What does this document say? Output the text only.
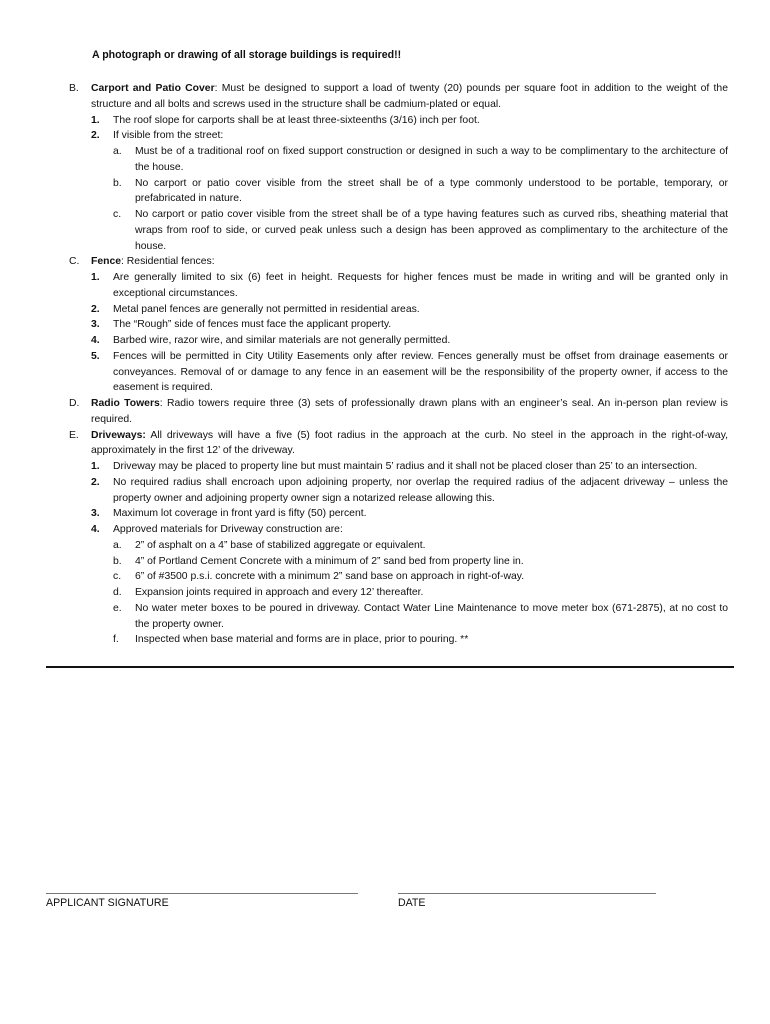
A photograph or drawing of all storage buildings is required!!
B. Carport and Patio Cover: Must be designed to support a load of twenty (20) pounds per square foot in addition to the weight of the structure and all bolts and screws used in the structure shall be cadmium-plated or equal.
1. The roof slope for carports shall be at least three-sixteenths (3/16) inch per foot.
2. If visible from the street:
a. Must be of a traditional roof on fixed support construction or designed in such a way to be complimentary to the architecture of the house.
b. No carport or patio cover visible from the street shall be of a type commonly understood to be portable, temporary, or prefabricated in nature.
c. No carport or patio cover visible from the street shall be of a type having features such as curved ribs, sheathing material that wraps from roof to side, or curved peak unless such a design has been approved as complimentary to the architecture of the house.
C. Fence: Residential fences:
1. Are generally limited to six (6) feet in height. Requests for higher fences must be made in writing and will be granted only in exceptional circumstances.
2. Metal panel fences are generally not permitted in residential areas.
3. The “Rough” side of fences must face the applicant property.
4. Barbed wire, razor wire, and similar materials are not generally permitted.
5. Fences will be permitted in City Utility Easements only after review. Fences generally must be offset from drainage easements or conveyances. Removal of or damage to any fence in an easement will be the responsibility of the property owner, if access to the easement is required.
D. Radio Towers: Radio towers require three (3) sets of professionally drawn plans with an engineer’s seal. An in-person plan review is required.
E. Driveways: All driveways will have a five (5) foot radius in the approach at the curb. No steel in the approach in the right-of-way, approximately in the first 12’ of the driveway.
1. Driveway may be placed to property line but must maintain 5’ radius and it shall not be placed closer than 25’ to an intersection.
2. No required radius shall encroach upon adjoining property, nor overlap the required radius of the adjacent driveway – unless the property owner and adjoining property owner sign a notarized release allowing this.
3. Maximum lot coverage in front yard is fifty (50) percent.
4. Approved materials for Driveway construction are:
a. 2” of asphalt on a 4” base of stabilized aggregate or equivalent.
b. 4” of Portland Cement Concrete with a minimum of 2” sand bed from property line in.
c. 6” of #3500 p.s.i. concrete with a minimum 2” sand base on approach in right-of-way.
d. Expansion joints required in approach and every 12’ thereafter.
e. No water meter boxes to be poured in driveway. Contact Water Line Maintenance to move meter box (671-2875), at no cost to the property owner.
f. Inspected when base material and forms are in place, prior to pouring. **
APPLICANT SIGNATURE	DATE
